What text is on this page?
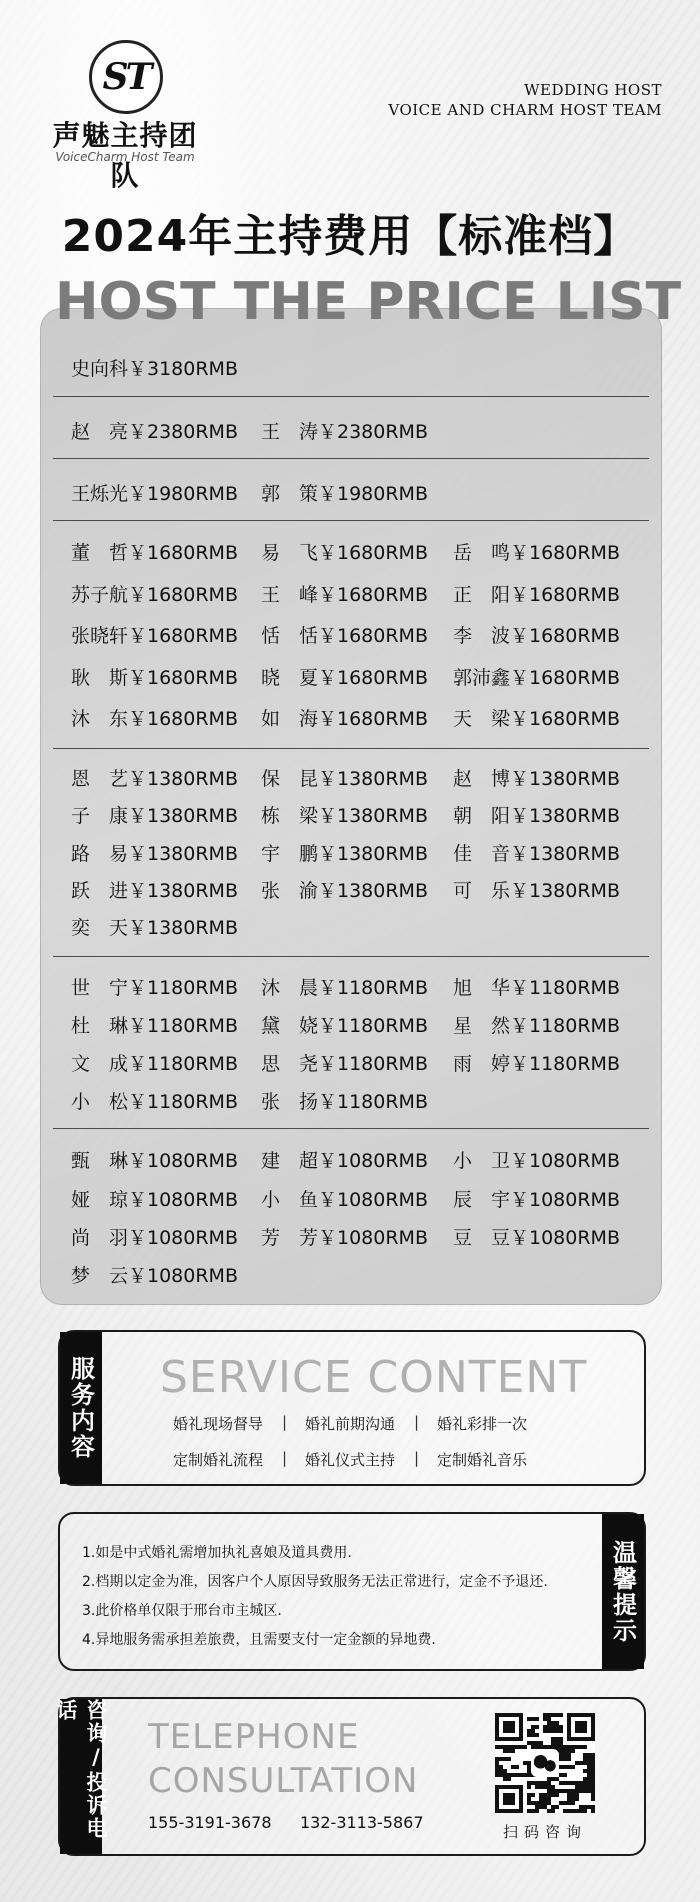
ST
声魅主持团队
VoiceCharm Host Team
WEDDING HOST
VOICE AND CHARM HOST TEAM
2024年主持费用【标准档】
史向科￥3180RMB
赵　亮￥2380RMB 王　涛￥2380RMB
王烁光￥1980RMB 郭　策￥1980RMB
董　哲￥1680RMB 易　飞￥1680RMB 岳　鸣￥1680RMB
苏子航￥1680RMB 王　峰￥1680RMB 正　阳￥1680RMB
张晓轩￥1680RMB 恬　恬￥1680RMB 李　波￥1680RMB
耿　斯￥1680RMB 晓　夏￥1680RMB 郭沛鑫￥1680RMB
沐　东￥1680RMB 如　海￥1680RMB 天　梁￥1680RMB
恩　艺￥1380RMB 保　昆￥1380RMB 赵　博￥1380RMB
子　康￥1380RMB 栋　梁￥1380RMB 朝　阳￥1380RMB
路　易￥1380RMB 宇　鹏￥1380RMB 佳　音￥1380RMB
跃　进￥1380RMB 张　渝￥1380RMB 可　乐￥1380RMB
奕　天￥1380RMB
世　宁￥1180RMB 沐　晨￥1180RMB 旭　华￥1180RMB
杜　琳￥1180RMB 黛　娆￥1180RMB 星　然￥1180RMB
文　成￥1180RMB 思　尧￥1180RMB 雨　婷￥1180RMB
小　松￥1180RMB 张　扬￥1180RMB
甄　琳￥1080RMB 建　超￥1080RMB 小　卫￥1080RMB
娅　琼￥1080RMB 小　鱼￥1080RMB 辰　宇￥1080RMB
尚　羽￥1080RMB 芳　芳￥1080RMB 豆　豆￥1080RMB
梦　云￥1080RMB
HOST THE PRICE LIST
服务内容 SERVICE CONTENT
婚礼现场督导 | 婚礼前期沟通 | 婚礼彩排一次
定制婚礼流程 | 婚礼仪式主持 | 定制婚礼音乐
1.如是中式婚礼需增加执礼喜娘及道具费用.
2.档期以定金为准，因客户个人原因导致服务无法正常进行，定金不予退还.
3.此价格单仅限于邢台市主城区.
4.异地服务需承担差旅费，且需要支付一定金额的异地费.	温馨提示
咨询/投诉电话
TELEPHONE
CONSULTATION
155-3191-3678 132-3113-5867	扫码咨询
